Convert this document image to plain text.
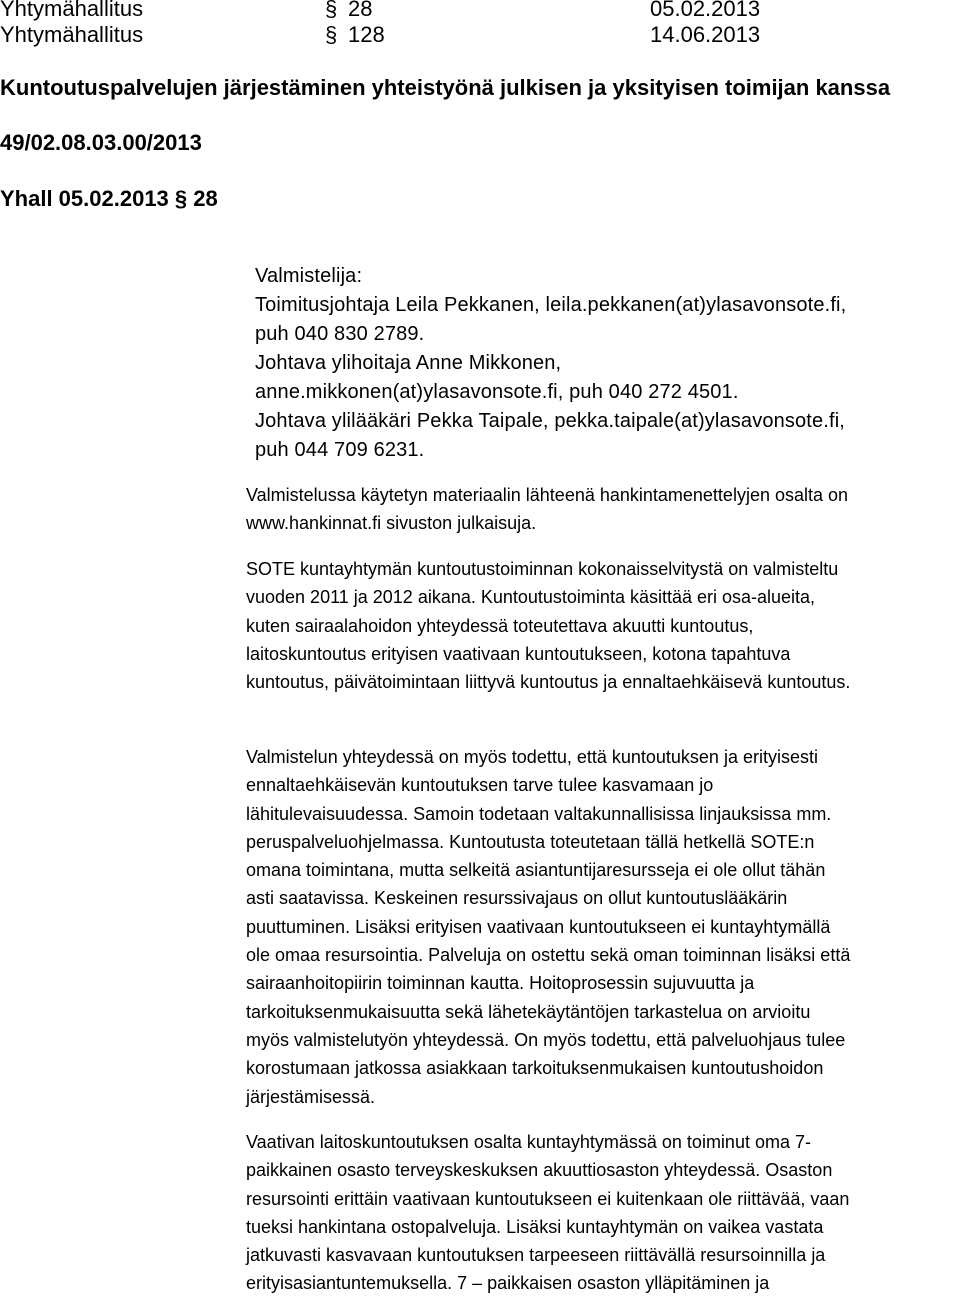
Yhtymähallitus	§ 28	05.02.2013
Yhtymähallitus	§ 128	14.06.2013
Kuntoutuspalvelujen järjestäminen yhteistyönä julkisen ja yksityisen toimijan kanssa
49/02.08.03.00/2013
Yhall 05.02.2013 § 28
Valmistelija:
Toimitusjohtaja Leila Pekkanen, leila.pekkanen(at)ylasavonsote.fi,
puh 040 830 2789.
Johtava ylihoitaja Anne Mikkonen,
anne.mikkonen(at)ylasavonsote.fi, puh 040 272 4501.
Johtava ylilääkäri Pekka Taipale, pekka.taipale(at)ylasavonsote.fi,
puh 044 709 6231.
Valmistelussa käytetyn materiaalin lähteenä hankintamenettelyjen osalta on
www.hankinnat.fi sivuston julkaisuja.
SOTE kuntayhtymän kuntoutustoiminnan kokonaisselvitystä on valmisteltu
vuoden 2011 ja 2012 aikana. Kuntoutustoiminta käsittää eri osa-alueita,
kuten sairaalahoidon yhteydessä toteutettava akuutti kuntoutus,
laitoskuntoutus erityisen vaativaan kuntoutukseen, kotona tapahtuva
kuntoutus, päivätoimintaan liittyvä kuntoutus ja ennaltaehkäisevä kuntoutus.
Valmistelun yhteydessä on myös todettu, että kuntoutuksen ja erityisesti
ennaltaehkäisevän kuntoutuksen tarve tulee kasvamaan jo
lähitulevaisuudessa. Samoin todetaan valtakunnallisissa linjauksissa mm.
peruspalveluohjelmassa. Kuntoutusta toteutetaan tällä hetkellä SOTE:n
omana toimintana, mutta selkeitä asiantuntijaresursseja ei ole ollut tähän
asti saatavissa. Keskeinen resurssivajaus on ollut kuntoutuslääkärin
puuttuminen. Lisäksi erityisen vaativaan kuntoutukseen ei kuntayhtymällä
ole omaa resursointia. Palveluja on ostettu sekä oman toiminnan lisäksi että
sairaanhoitopiirin toiminnan kautta. Hoitoprosessin sujuvuutta ja
tarkoituksenmukaisuutta sekä lähetekäytäntöjen tarkastelua on arvioitu
myös valmistelutyön yhteydessä. On myös todettu, että palveluohjaus tulee
korostumaan jatkossa asiakkaan tarkoituksenmukaisen kuntoutushoidon
järjestämisessä.
Vaativan laitoskuntoutuksen osalta kuntayhtymässä on toiminut oma 7-
paikkainen osasto terveyskeskuksen akuuttiosaston yhteydessä. Osaston
resursointi erittäin vaativaan kuntoutukseen ei kuitenkaan ole riittävää, vaan
tueksi hankintana ostopalveluja. Lisäksi kuntayhtymän on vaikea vastata
jatkuvasti kasvavaan kuntoutuksen tarpeeseen riittävällä resursoinnilla ja
erityisasiantuntemuksella. 7 – paikkaisen osaston ylläpitäminen ja
